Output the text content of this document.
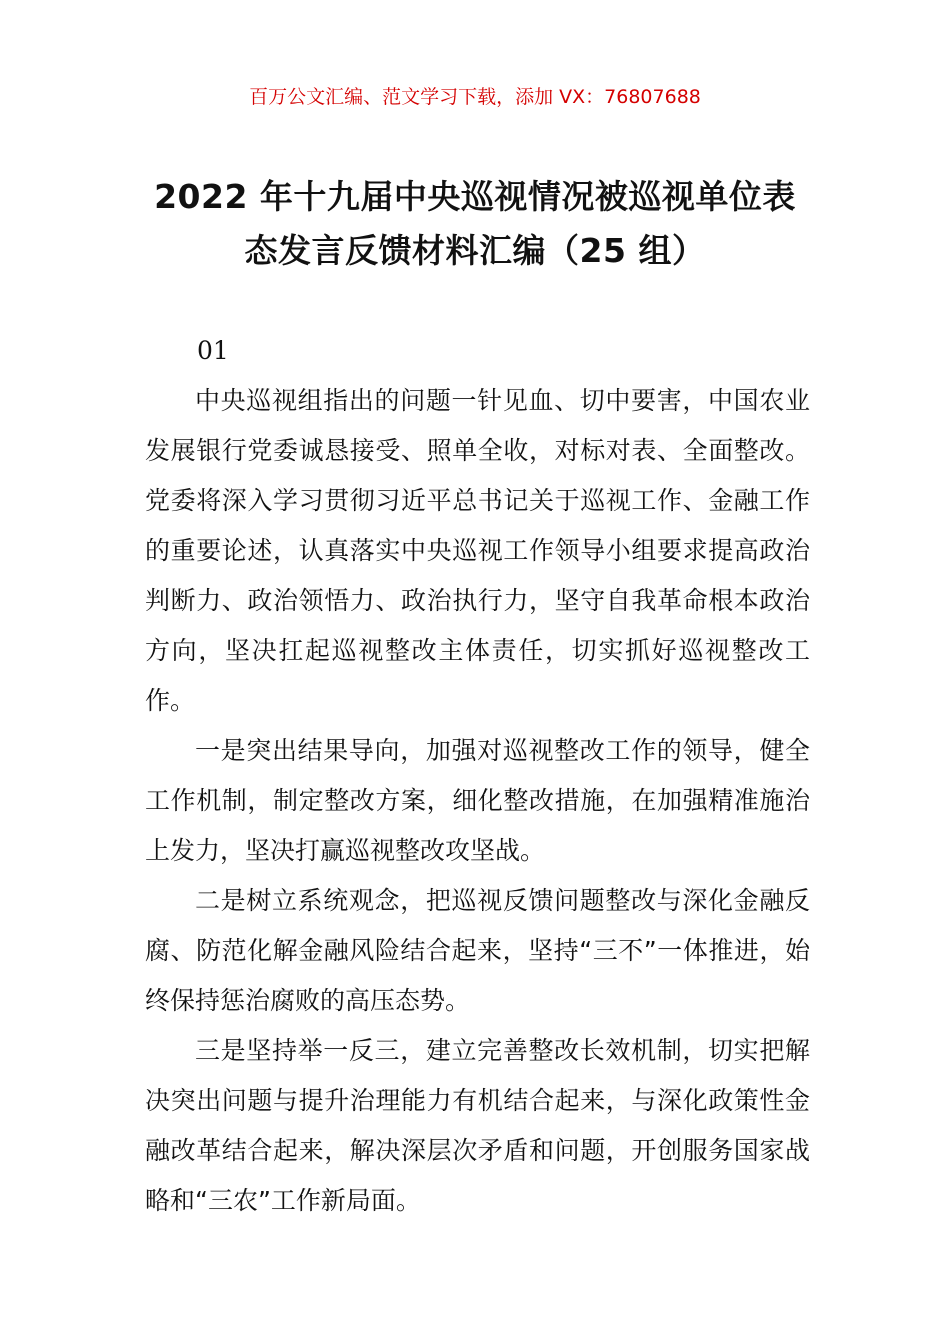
百万公文汇编、范文学习下载，添加 VX：76807688
2022 年十九届中央巡视情况被巡视单位表
态发言反馈材料汇编（25 组）

01

中央巡视组指出的问题一针见血、切中要害，中国农业发展银行党委诚恳接受、照单全收，对标对表、全面整改。党委将深入学习贯彻习近平总书记关于巡视工作、金融工作的重要论述，认真落实中央巡视工作领导小组要求提高政治判断力、政治领悟力、政治执行力，坚守自我革命根本政治方向，坚决扛起巡视整改主体责任，切实抓好巡视整改工作。

一是突出结果导向，加强对巡视整改工作的领导，健全工作机制，制定整改方案，细化整改措施，在加强精准施治上发力，坚决打赢巡视整改攻坚战。

二是树立系统观念，把巡视反馈问题整改与深化金融反腐、防范化解金融风险结合起来，坚持“三不”一体推进，始终保持惩治腐败的高压态势。

三是坚持举一反三，建立完善整改长效机制，切实把解决突出问题与提升治理能力有机结合起来，与深化政策性金融改革结合起来，解决深层次矛盾和问题，开创服务国家战略和“三农”工作新局面。
